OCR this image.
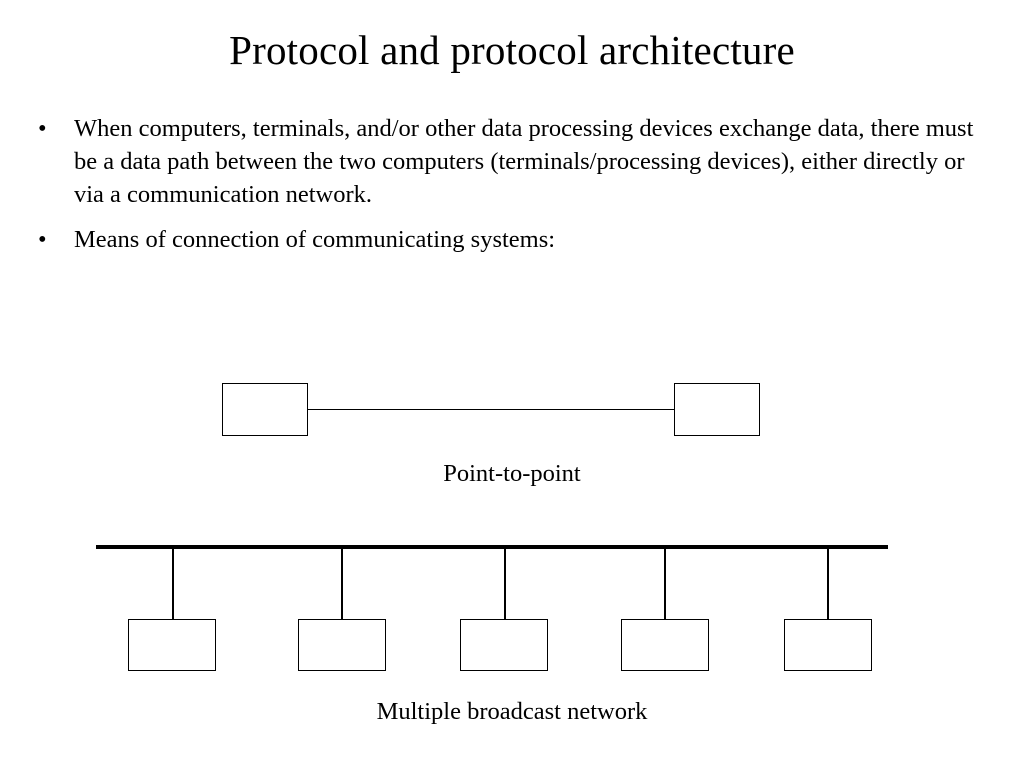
Protocol and protocol architecture
• When computers, terminals, and/or other data processing devices exchange data, there must be a data path between the two computers (terminals/processing devices), either directly or via a communication network.
• Means of connection of communicating systems:
Point-to-point
Multiple broadcast network
